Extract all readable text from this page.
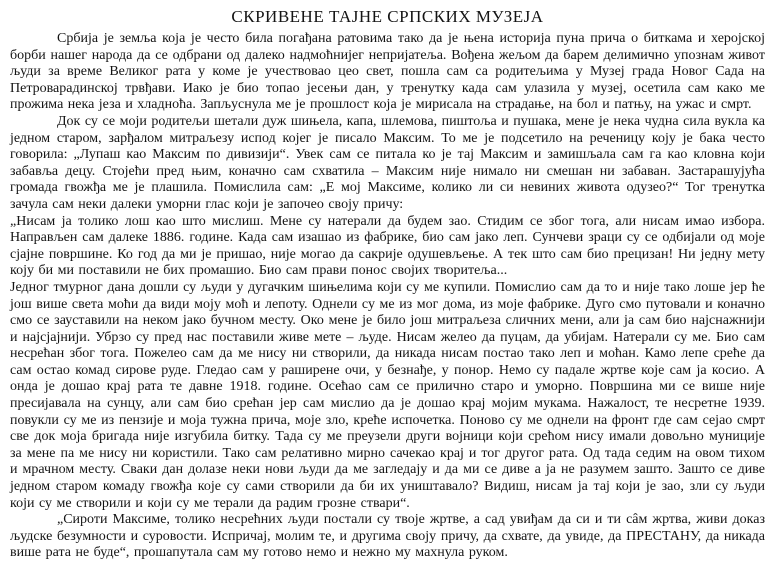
СКРИВЕНЕ ТАЈНЕ СРПСКИХ МУЗЕЈА

Србија је земља која је често била погађана ратовима тако да је њена историја пуна прича о биткама и херојској борби нашег народа да се одбрани од далеко надмоћнијег непријатеља. Вођена жељом да барем делимично упознам живот људи за време Великог рата у коме је учествовао цео свет, пошла сам са родитељима у Музеј града Новог Сада на Петроварадинској трвђави. Иако је био топао јесењи дан, у тренутку када сам улазила у музеј, осетила сам како ме прожима нека језа и хладноћа. Запљуснула ме је прошлост која је мирисала на страдање, на бол и патњу, на ужас и смрт.

Док су се моји родитељи шетали дуж шињела, капа, шлемова, пиштоља и пушака, мене је нека чудна сила вукла ка једном старом, зарђалом митраљезу испод којег је писало Максим. То ме је подсетило на реченицу коју је бака често говорила: „Лупаш као Максим по дивизији“. Увек сам се питала ко је тај Максим и замишљала сам га као кловна који забавља децу. Стојећи пред њим, коначно сам схватила – Максим није нимало ни смешан ни забаван. Застарашујућа громада гвожђа ме је плашила. Помислила сам: „Е мој Максиме, колико ли си невиних живота одузео?“ Тог тренутка зачула сам неки далеки уморни глас који је започео своју причу:

„Нисам ја толико лош као што мислиш. Мене су натерали да будем зао. Стидим се због тога, али нисам имао избора. Направљен сам далеке 1886. године. Када сам изашао из фабрике, био сам јако леп. Сунчеви зраци су се одбијали од моје сјајне површине. Ко год да ми је пришао, није могао да сакрије одушевљење. А тек што сам био прецизан! Ни једну мету коју би ми поставили не бих промашио. Био сам прави понос својих творитеља...

Једног тмурног дана дошли су људи у дугачким шињелима који су ме купили. Помислио сам да то и није тако лоше јер ће још више света моћи да види моју моћ и лепоту. Однели су ме из мог дома, из моје фабрике. Дуго смо путовали и коначно смо се зауставили на неком јако бучном месту. Око мене је било још митраљеза сличних мени, али ја сам био најснажнији и најсјајнији. Убрзо су пред нас поставили живе мете – људе. Нисам желео да пуцам, да убијам. Натерали су ме. Био сам несрећан због тога. Пожелео сам да ме нису ни створили, да никада нисам постао тако леп и моћан. Камо лепе среће да сам остао комад сирове руде. Гледао сам у раширене очи, у безнађе, у понор. Немо су падале жртве које сам ја косио. А онда је дошао крај рата те давне 1918. године. Осећао сам се прилично старо и уморно. Површина ми се више није пресијавала на сунцу, али сам био срећан јер сам мислио да је дошао крај мојим мукама. Нажалост, те несретне 1939. повукли су ме из пензије и моја тужна прича, моје зло, креће испочетка. Поново су ме однели на фронт где сам сејао смрт све док моја бригада није изгубила битку. Тада су ме преузели други војници који срећом нису имали довољно муниције за мене па ме нису ни користили. Тако сам релативно мирно сачекао крај и тог другог рата. Од тада седим на овом тихом и мрачном месту. Сваки дан долазе неки нови људи да ме загледају и да ми се диве а ја не разумем зашто. Зашто се диве једном старом комаду гвожђа које су сами створили да би их уништавало? Видиш, нисам ја тај који је зао, зли су људи који су ме створили и који су ме терали да радим грозне ствари“.

„Сироти Максиме, толико несрећних људи постали су твоје жртве, а сад увиђам да си и ти сâм жртва, живи доказ људске безумности и суровости. Испричај, молим те, и другима своју причу, да схвате, да увиде, да ПРЕСТАНУ, да никада више рата не буде“, прошапутала сам му готово немо и нежно му махнула руком.
